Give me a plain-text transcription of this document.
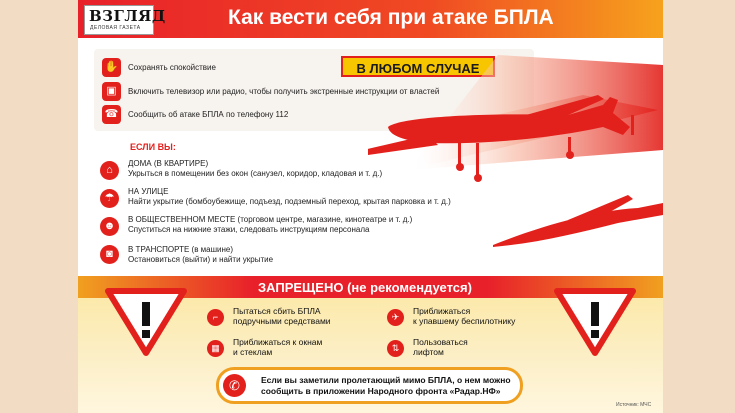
ВЗГЛЯД
ДЕЛОВАЯ ГАЗЕТА	Как вести себя при атаке БПЛА
✋	Сохранять спокойствие
▣	Включить телевизор или радио, чтобы получить экстренные инструкции от властей
☎	Сообщить об атаке БПЛА по телефону 112
В ЛЮБОМ СЛУЧАЕ
ЕСЛИ ВЫ:
⌂
ДОМА (В КВАРТИРЕ)
Укрыться в помещении без окон (санузел, коридор, кладовая и т. д.)
☂
НА УЛИЦЕ
Найти укрытие (бомбоубежище, подъезд, подземный переход, крытая парковка и т. д.)
☻
В ОБЩЕСТВЕННОМ МЕСТЕ (торговом центре, магазине, кинотеатре и т. д.)
Спуститься на нижние этажи, следовать инструкциям персонала
◙	В ТРАНСПОРТЕ (в машине)
Остановиться (выйти) и найти укрытие
ЗАПРЕЩЕНО (не рекомендуется)
⌐
Пытаться сбить БПЛА
подручными средствами	✈
Приближаться
к упавшему беспилотнику
▦
Приближаться к окнам
и стеклам	⇅
Пользоваться
лифтом
✆	Если вы заметили пролетающий мимо БПЛА, о нем можно
сообщить в приложении Народного фронта «Радар.НФ»
Источник: МЧС
